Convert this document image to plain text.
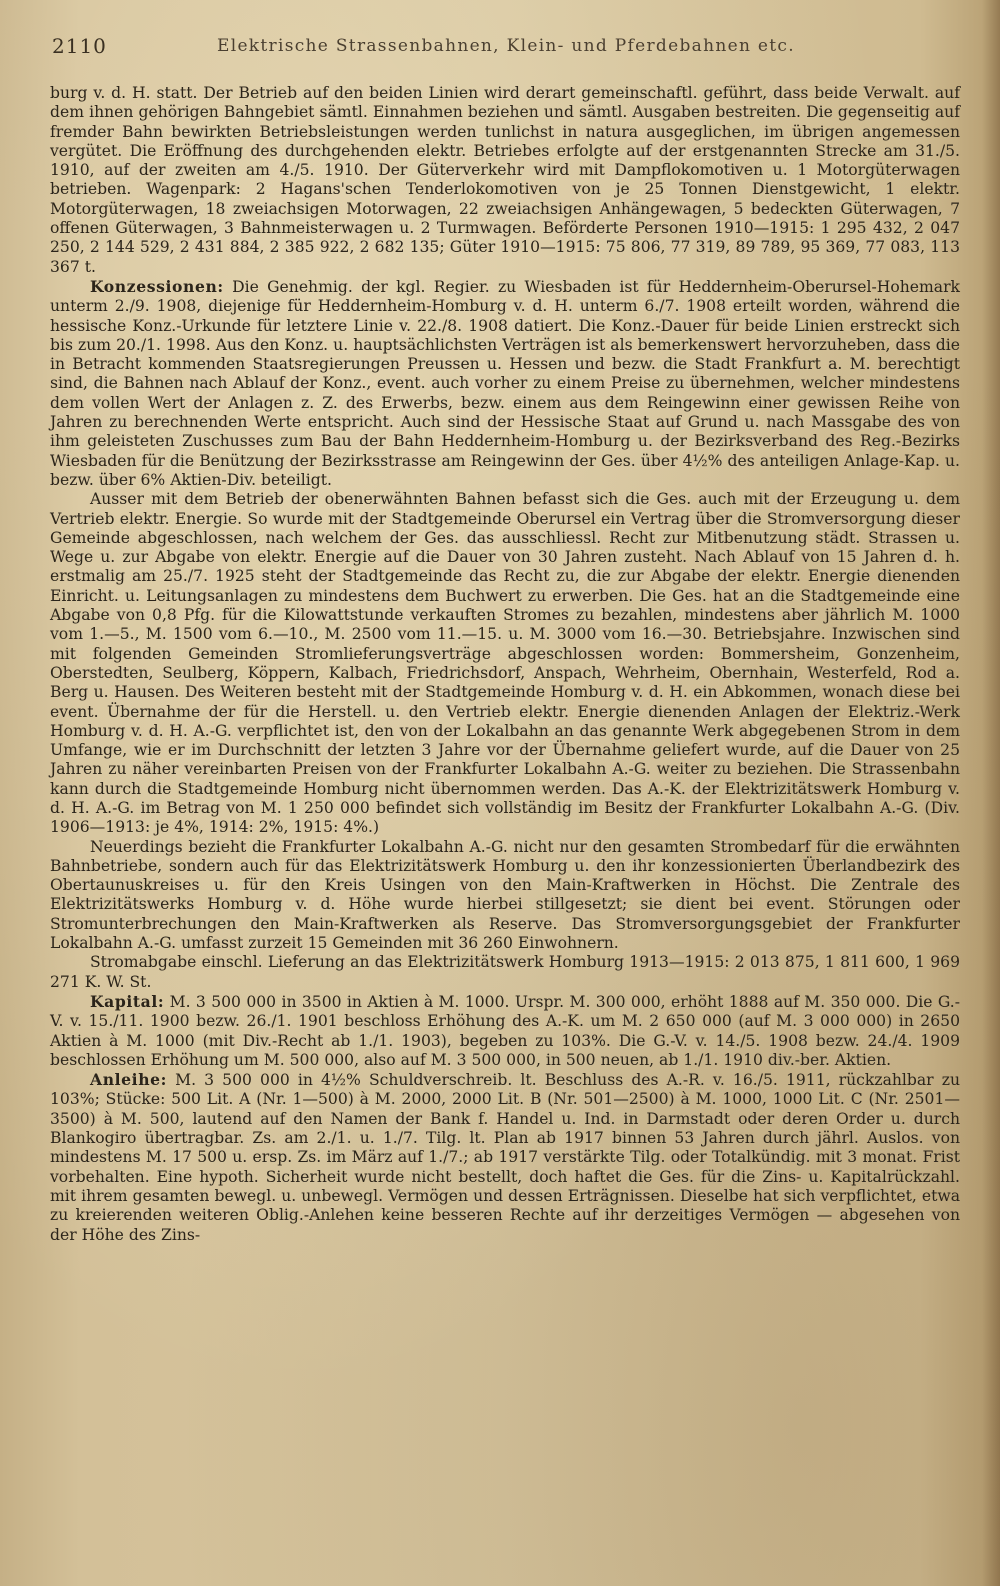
2110	Elektrische Strassenbahnen, Klein- und Pferdebahnen etc.

burg v. d. H. statt. Der Betrieb auf den beiden Linien wird derart gemeinschaftl. geführt, dass beide Verwalt. auf dem ihnen gehörigen Bahngebiet sämtl. Einnahmen beziehen und sämtl. Ausgaben bestreiten. Die gegenseitig auf fremder Bahn bewirkten Betriebsleistungen werden tunlichst in natura ausgeglichen, im übrigen angemessen vergütet. Die Eröffnung des durchgehenden elektr. Betriebes erfolgte auf der erstgenannten Strecke am 31./5. 1910, auf der zweiten am 4./5. 1910. Der Güterverkehr wird mit Dampflokomotiven u. 1 Motorgüterwagen betrieben. Wagenpark: 2 Hagans'schen Tenderlokomotiven von je 25 Tonnen Dienstgewicht, 1 elektr. Motorgüterwagen, 18 zweiachsigen Motorwagen, 22 zweiachsigen Anhängewagen, 5 bedeckten Güterwagen, 7 offenen Güterwagen, 3 Bahnmeisterwagen u. 2 Turmwagen. Beförderte Personen 1910—1915: 1 295 432, 2 047 250, 2 144 529, 2 431 884, 2 385 922, 2 682 135; Güter 1910—1915: 75 806, 77 319, 89 789, 95 369, 77 083, 113 367 t.

Konzessionen: Die Genehmig. der kgl. Regier. zu Wiesbaden ist für Heddernheim-Oberursel-Hohemark unterm 2./9. 1908, diejenige für Heddernheim-Homburg v. d. H. unterm 6./7. 1908 erteilt worden, während die hessische Konz.-Urkunde für letztere Linie v. 22./8. 1908 datiert. Die Konz.-Dauer für beide Linien erstreckt sich bis zum 20./1. 1998. Aus den Konz. u. hauptsächlichsten Verträgen ist als bemerkenswert hervorzuheben, dass die in Betracht kommenden Staatsregierungen Preussen u. Hessen und bezw. die Stadt Frankfurt a. M. berechtigt sind, die Bahnen nach Ablauf der Konz., event. auch vorher zu einem Preise zu übernehmen, welcher mindestens dem vollen Wert der Anlagen z. Z. des Erwerbs, bezw. einem aus dem Reingewinn einer gewissen Reihe von Jahren zu berechnenden Werte entspricht. Auch sind der Hessische Staat auf Grund u. nach Massgabe des von ihm geleisteten Zuschusses zum Bau der Bahn Heddernheim-Homburg u. der Bezirksverband des Reg.-Bezirks Wiesbaden für die Benützung der Bezirksstrasse am Reingewinn der Ges. über 4½% des anteiligen Anlage-Kap. u. bezw. über 6% Aktien-Div. beteiligt.

Ausser mit dem Betrieb der obenerwähnten Bahnen befasst sich die Ges. auch mit der Erzeugung u. dem Vertrieb elektr. Energie. So wurde mit der Stadtgemeinde Oberursel ein Vertrag über die Stromversorgung dieser Gemeinde abgeschlossen, nach welchem der Ges. das ausschliessl. Recht zur Mitbenutzung städt. Strassen u. Wege u. zur Abgabe von elektr. Energie auf die Dauer von 30 Jahren zusteht. Nach Ablauf von 15 Jahren d. h. erstmalig am 25./7. 1925 steht der Stadtgemeinde das Recht zu, die zur Abgabe der elektr. Energie dienenden Einricht. u. Leitungsanlagen zu mindestens dem Buchwert zu erwerben. Die Ges. hat an die Stadtgemeinde eine Abgabe von 0,8 Pfg. für die Kilowattstunde verkauften Stromes zu bezahlen, mindestens aber jährlich M. 1000 vom 1.—5., M. 1500 vom 6.—10., M. 2500 vom 11.—15. u. M. 3000 vom 16.—30. Betriebsjahre. Inzwischen sind mit folgenden Gemeinden Stromlieferungsverträge abgeschlossen worden: Bommersheim, Gonzenheim, Oberstedten, Seulberg, Köppern, Kalbach, Friedrichsdorf, Anspach, Wehrheim, Obernhain, Westerfeld, Rod a. Berg u. Hausen. Des Weiteren besteht mit der Stadtgemeinde Homburg v. d. H. ein Abkommen, wonach diese bei event. Übernahme der für die Herstell. u. den Vertrieb elektr. Energie dienenden Anlagen der Elektriz.-Werk Homburg v. d. H. A.-G. verpflichtet ist, den von der Lokalbahn an das genannte Werk abgegebenen Strom in dem Umfange, wie er im Durchschnitt der letzten 3 Jahre vor der Übernahme geliefert wurde, auf die Dauer von 25 Jahren zu näher vereinbarten Preisen von der Frankfurter Lokalbahn A.-G. weiter zu beziehen. Die Strassenbahn kann durch die Stadtgemeinde Homburg nicht übernommen werden. Das A.-K. der Elektrizitätswerk Homburg v. d. H. A.-G. im Betrag von M. 1 250 000 befindet sich vollständig im Besitz der Frankfurter Lokalbahn A.-G. (Div. 1906—1913: je 4%, 1914: 2%, 1915: 4%.)

Neuerdings bezieht die Frankfurter Lokalbahn A.-G. nicht nur den gesamten Strombedarf für die erwähnten Bahnbetriebe, sondern auch für das Elektrizitätswerk Homburg u. den ihr konzessionierten Überlandbezirk des Obertaunuskreises u. für den Kreis Usingen von den Main-Kraftwerken in Höchst. Die Zentrale des Elektrizitätswerks Homburg v. d. Höhe wurde hierbei stillgesetzt; sie dient bei event. Störungen oder Stromunterbrechungen den Main-Kraftwerken als Reserve. Das Stromversorgungsgebiet der Frankfurter Lokalbahn A.-G. umfasst zurzeit 15 Gemeinden mit 36 260 Einwohnern.

Stromabgabe einschl. Lieferung an das Elektrizitätswerk Homburg 1913—1915: 2 013 875, 1 811 600, 1 969 271 K. W. St.

Kapital: M. 3 500 000 in 3500 in Aktien à M. 1000. Urspr. M. 300 000, erhöht 1888 auf M. 350 000. Die G.-V. v. 15./11. 1900 bezw. 26./1. 1901 beschloss Erhöhung des A.-K. um M. 2 650 000 (auf M. 3 000 000) in 2650 Aktien à M. 1000 (mit Div.-Recht ab 1./1. 1903), begeben zu 103%. Die G.-V. v. 14./5. 1908 bezw. 24./4. 1909 beschlossen Erhöhung um M. 500 000, also auf M. 3 500 000, in 500 neuen, ab 1./1. 1910 div.-ber. Aktien.

Anleihe: M. 3 500 000 in 4½% Schuldverschreib. lt. Beschluss des A.-R. v. 16./5. 1911, rückzahlbar zu 103%; Stücke: 500 Lit. A (Nr. 1—500) à M. 2000, 2000 Lit. B (Nr. 501—2500) à M. 1000, 1000 Lit. C (Nr. 2501—3500) à M. 500, lautend auf den Namen der Bank f. Handel u. Ind. in Darmstadt oder deren Order u. durch Blankogiro übertragbar. Zs. am 2./1. u. 1./7. Tilg. lt. Plan ab 1917 binnen 53 Jahren durch jährl. Auslos. von mindestens M. 17 500 u. ersp. Zs. im März auf 1./7.; ab 1917 verstärkte Tilg. oder Totalkündig. mit 3 monat. Frist vorbehalten. Eine hypoth. Sicherheit wurde nicht bestellt, doch haftet die Ges. für die Zins- u. Kapitalrückzahl. mit ihrem gesamten bewegl. u. unbewegl. Vermögen und dessen Erträgnissen. Dieselbe hat sich verpflichtet, etwa zu kreierenden weiteren Oblig.-Anlehen keine besseren Rechte auf ihr derzeitiges Vermögen — abgesehen von der Höhe des Zins-
